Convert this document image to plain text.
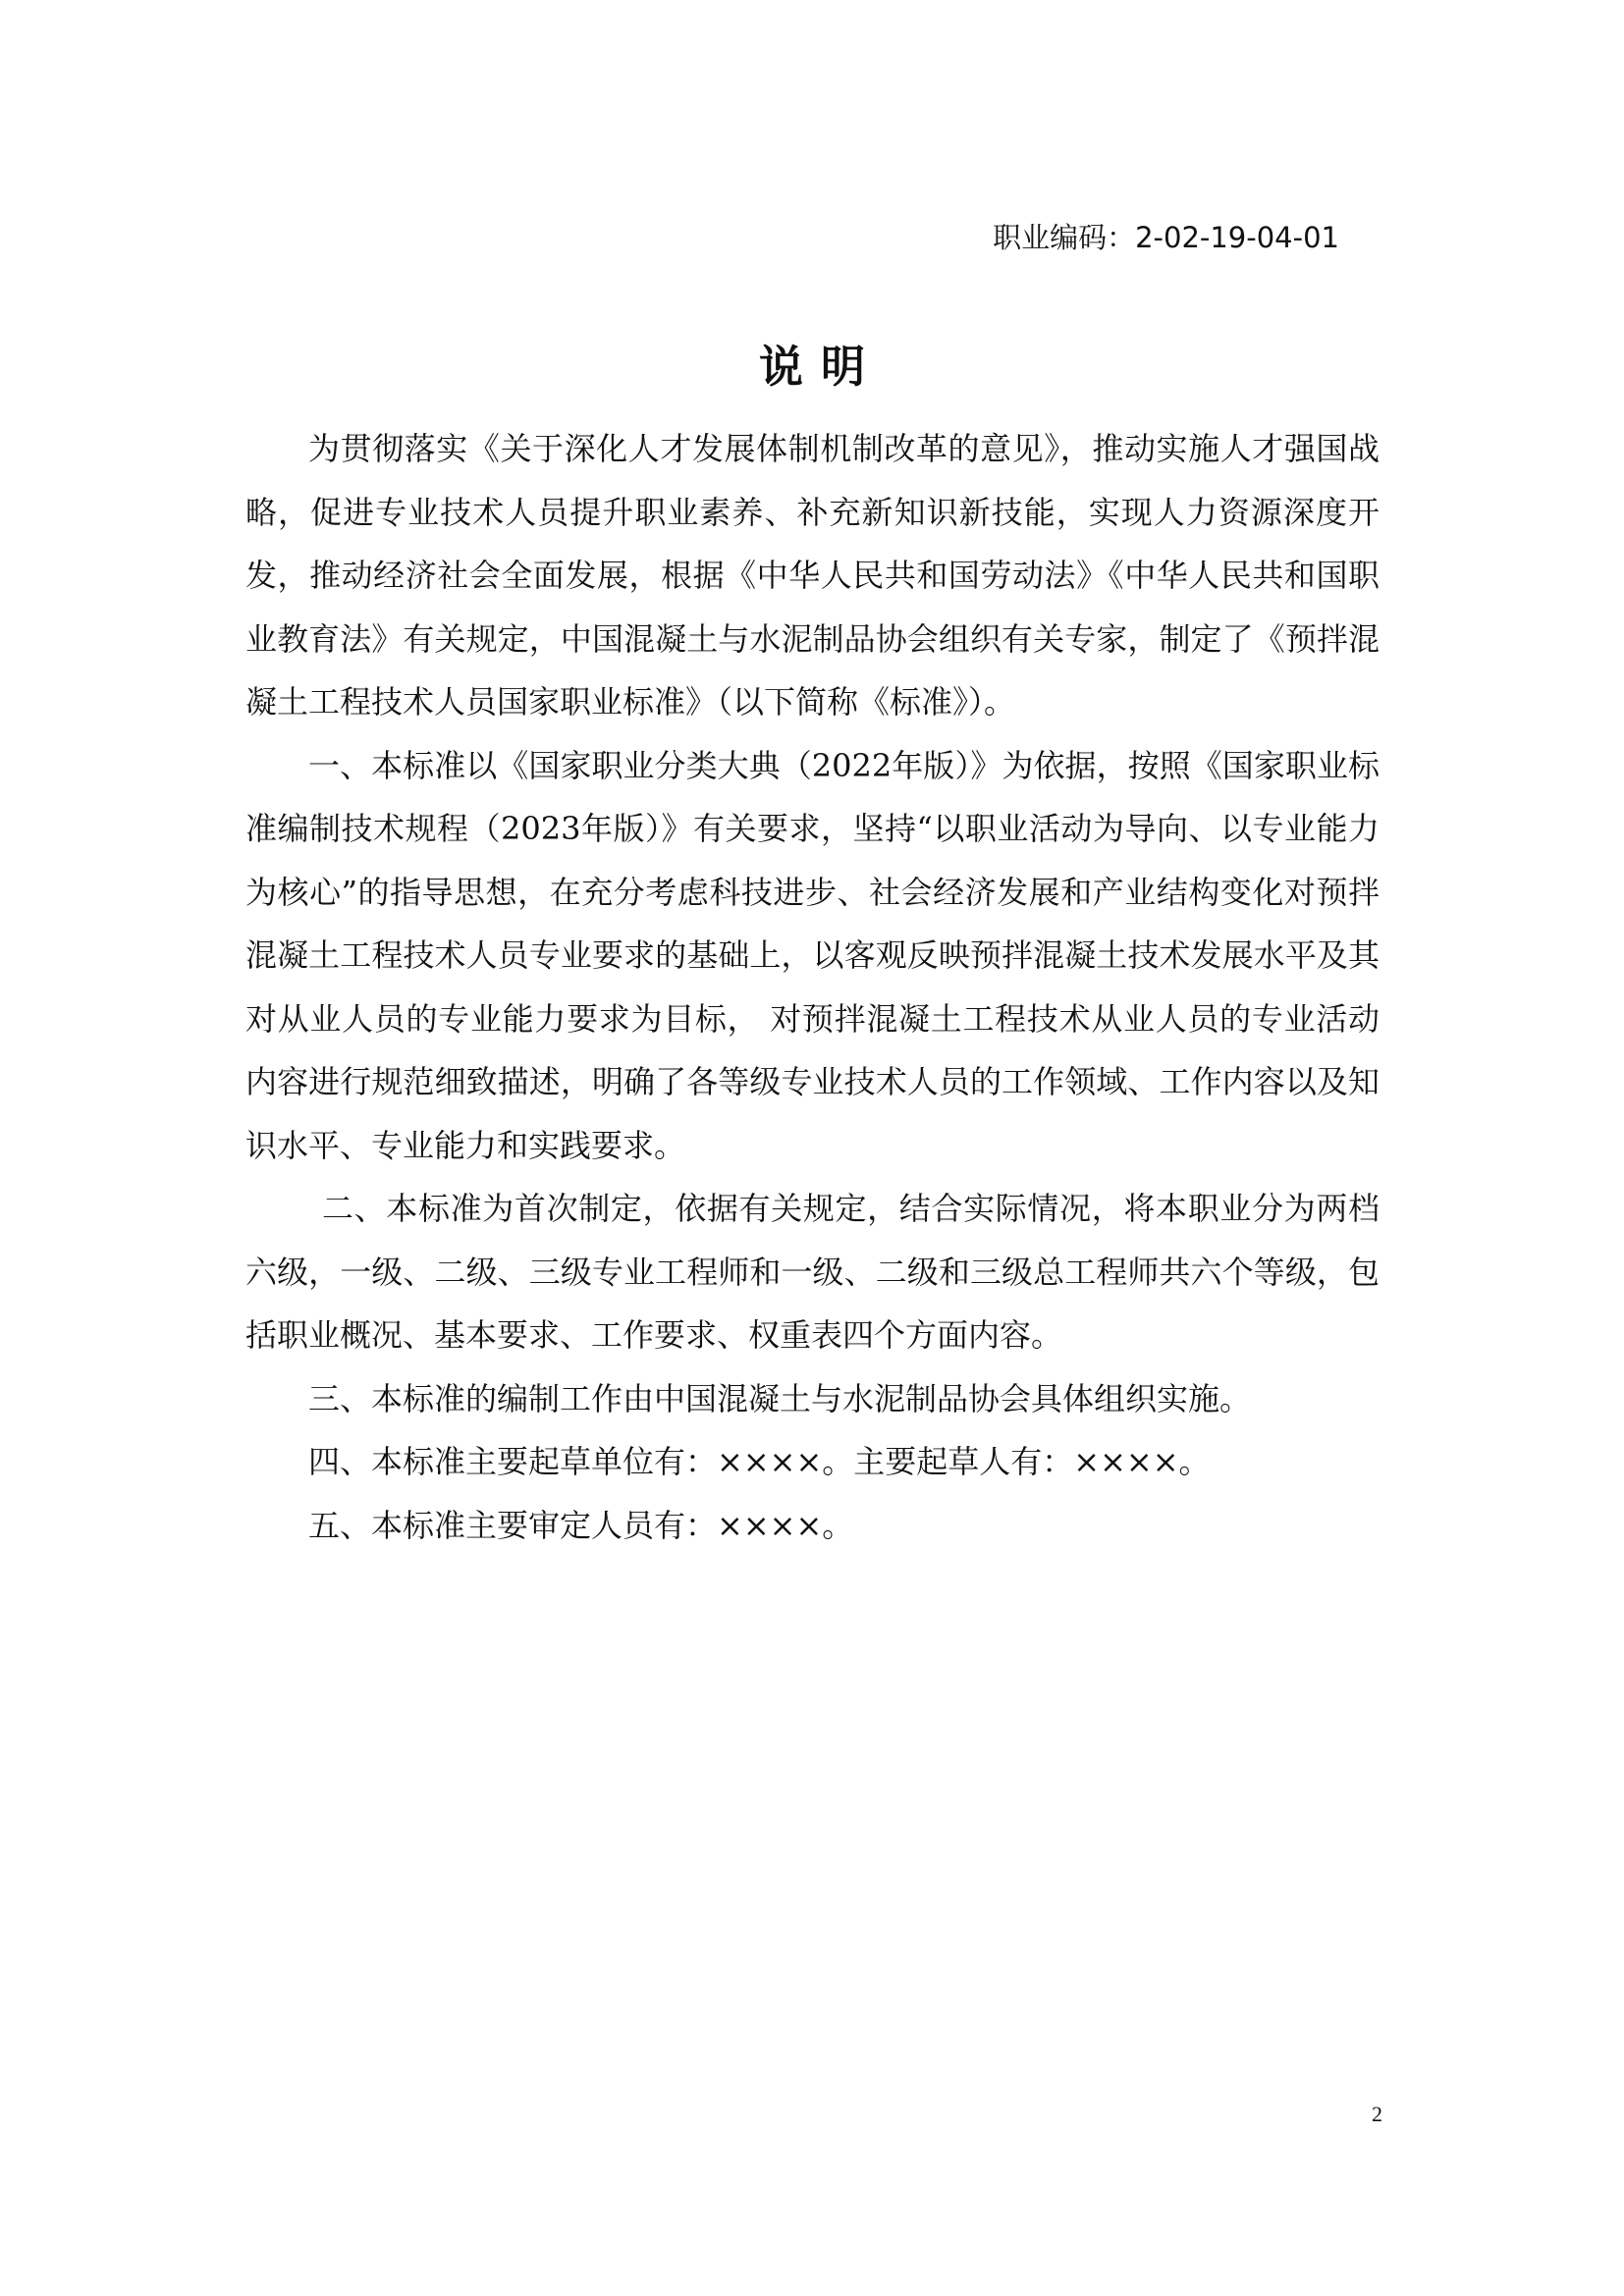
职业编码：2-02-19-04-01
说明

为贯彻落实《关于深化人才发展体制机制改革的意见》，推动实施人才强国战略，促进专业技术人员提升职业素养、补充新知识新技能，实现人力资源深度开发，推动经济社会全面发展，根据《中华人民共和国劳动法》《中华人民共和国职业教育法》有关规定，中国混凝土与水泥制品协会组织有关专家，制定了《预拌混凝土工程技术人员国家职业标准》（以下简称《标准》）。

一、本标准以《国家职业分类大典（2022年版）》为依据，按照《国家职业标准编制技术规程（2023年版）》有关要求，坚持“以职业活动为导向、以专业能力为核心”的指导思想，在充分考虑科技进步、社会经济发展和产业结构变化对预拌混凝土工程技术人员专业要求的基础上，以客观反映预拌混凝土技术发展水平及其对从业人员的专业能力要求为目标， 对预拌混凝土工程技术从业人员的专业活动内容进行规范细致描述，明确了各等级专业技术人员的工作领域、工作内容以及知识水平、专业能力和实践要求。

二、本标准为首次制定，依据有关规定，结合实际情况，将本职业分为两档六级，一级、二级、三级专业工程师和一级、二级和三级总工程师共六个等级，包括职业概况、基本要求、工作要求、权重表四个方面内容。

三、本标准的编制工作由中国混凝土与水泥制品协会具体组织实施。

四、本标准主要起草单位有：××××。主要起草人有：××××。

五、本标准主要审定人员有：××××。

2
